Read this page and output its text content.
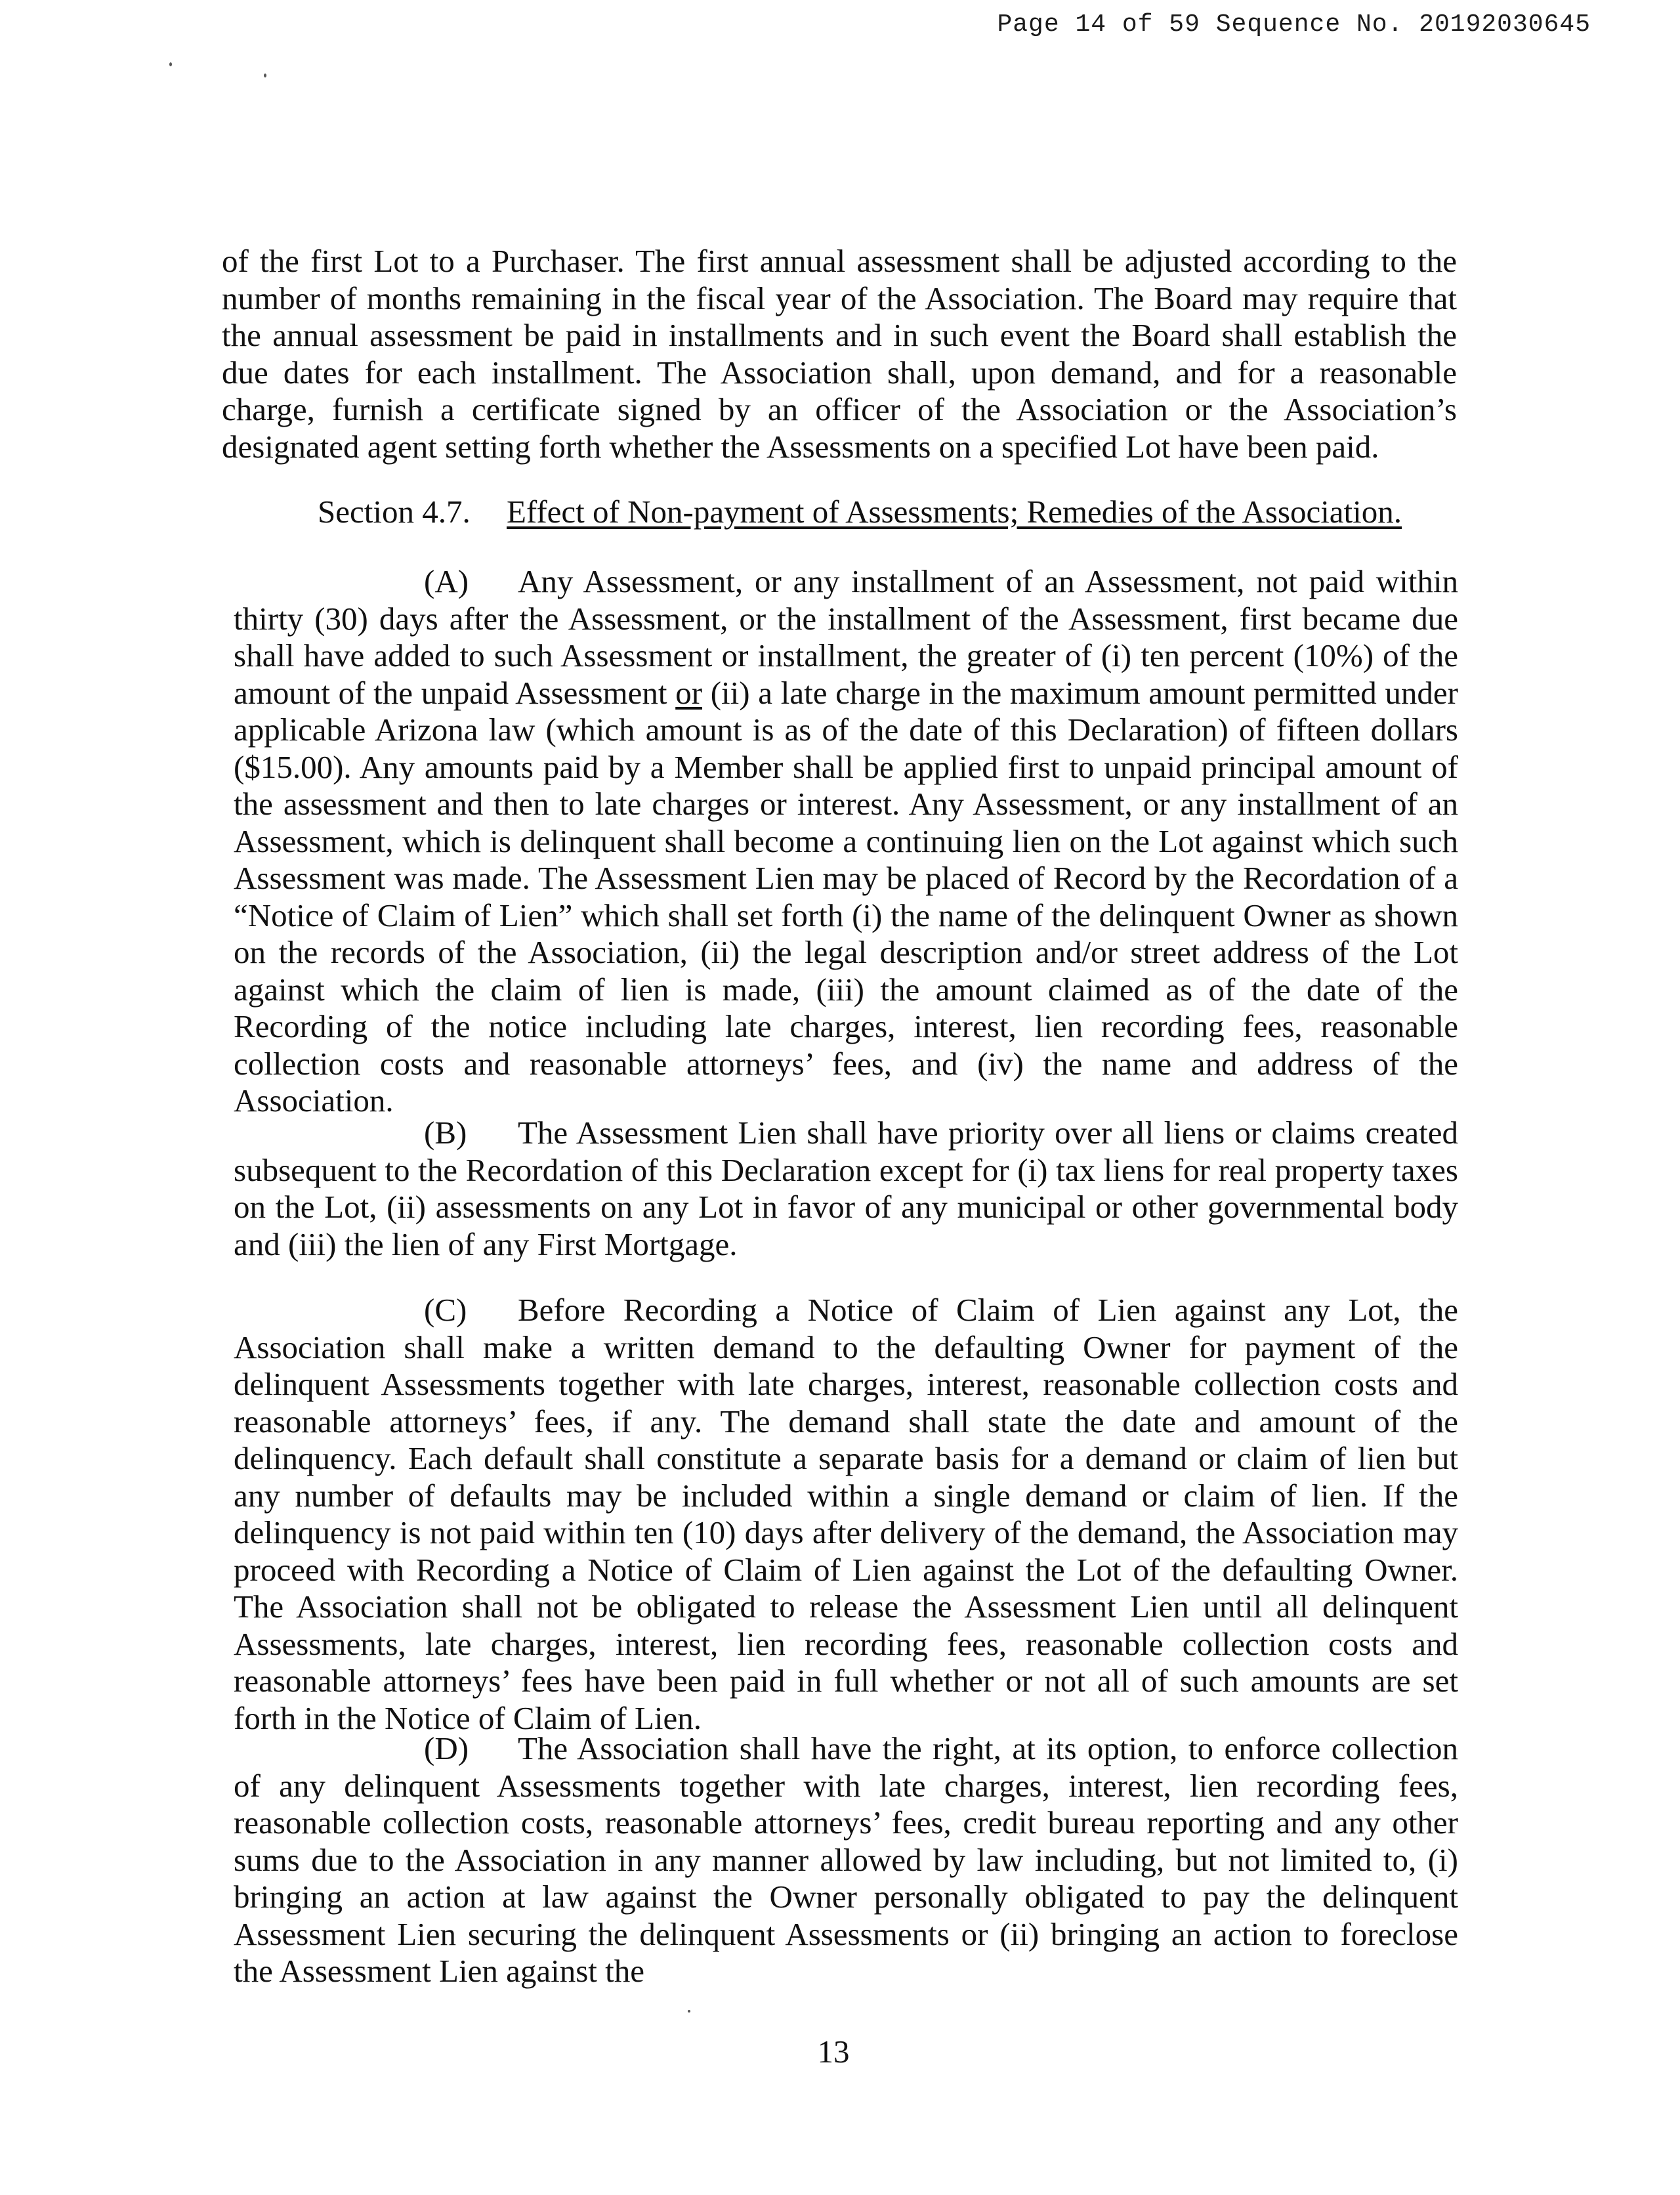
Page 14 of 59 Sequence No. 20192030645

of the first Lot to a Purchaser. The first annual assessment shall be adjusted according to the number of months remaining in the fiscal year of the Association. The Board may require that the annual assessment be paid in installments and in such event the Board shall establish the due dates for each installment. The Association shall, upon demand, and for a reasonable charge, furnish a certificate signed by an officer of the Association or the Association’s designated agent setting forth whether the Assessments on a specified Lot have been paid.

Section 4.7. Effect of Non-payment of Assessments; Remedies of the Association.

(A) Any Assessment, or any installment of an Assessment, not paid within thirty (30) days after the Assessment, or the installment of the Assessment, first became due shall have added to such Assessment or installment, the greater of (i) ten percent (10%) of the amount of the unpaid Assessment or (ii) a late charge in the maximum amount permitted under applicable Arizona law (which amount is as of the date of this Declaration) of fifteen dollars ($15.00). Any amounts paid by a Member shall be applied first to unpaid principal amount of the assessment and then to late charges or interest. Any Assessment, or any installment of an Assessment, which is delinquent shall become a continuing lien on the Lot against which such Assessment was made. The Assessment Lien may be placed of Record by the Recordation of a “Notice of Claim of Lien” which shall set forth (i) the name of the delinquent Owner as shown on the records of the Association, (ii) the legal description and/or street address of the Lot against which the claim of lien is made, (iii) the amount claimed as of the date of the Recording of the notice including late charges, interest, lien recording fees, reasonable collection costs and reasonable attorneys’ fees, and (iv) the name and address of the Association.

(B) The Assessment Lien shall have priority over all liens or claims created subsequent to the Recordation of this Declaration except for (i) tax liens for real property taxes on the Lot, (ii) assessments on any Lot in favor of any municipal or other governmental body and (iii) the lien of any First Mortgage.

(C) Before Recording a Notice of Claim of Lien against any Lot, the Association shall make a written demand to the defaulting Owner for payment of the delinquent Assessments together with late charges, interest, reasonable collection costs and reasonable attorneys’ fees, if any. The demand shall state the date and amount of the delinquency. Each default shall constitute a separate basis for a demand or claim of lien but any number of defaults may be included within a single demand or claim of lien. If the delinquency is not paid within ten (10) days after delivery of the demand, the Association may proceed with Recording a Notice of Claim of Lien against the Lot of the defaulting Owner. The Association shall not be obligated to release the Assessment Lien until all delinquent Assessments, late charges, interest, lien recording fees, reasonable collection costs and reasonable attorneys’ fees have been paid in full whether or not all of such amounts are set forth in the Notice of Claim of Lien.

(D) The Association shall have the right, at its option, to enforce collection of any delinquent Assessments together with late charges, interest, lien recording fees, reasonable collection costs, reasonable attorneys’ fees, credit bureau reporting and any other sums due to the Association in any manner allowed by law including, but not limited to, (i) bringing an action at law against the Owner personally obligated to pay the delinquent Assessment Lien securing the delinquent Assessments or (ii) bringing an action to foreclose the Assessment Lien against the

13
